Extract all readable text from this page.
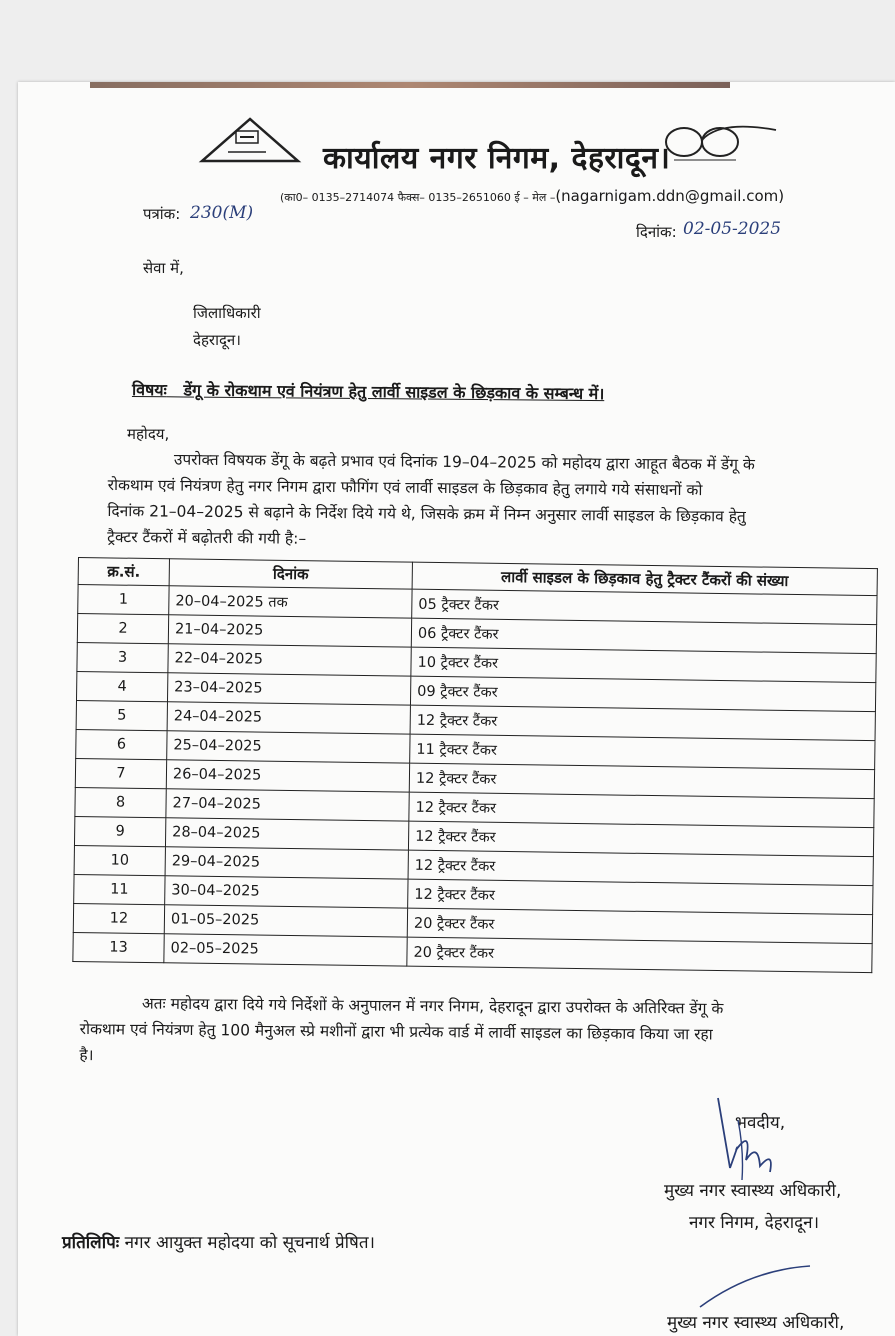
कार्यालय नगर निगम, देहरादून।
(का0– 0135–2714074 फैक्स– 0135–2651060 ई – मेल –(nagarnigam.ddn@gmail.com)
पत्रांक: 230(M)
दिनांक: 02-05-2025
सेवा में,
जिलाधिकारी
देहरादून।
विषयः डेंगू के रोकथाम एवं नियंत्रण हेतु लार्वी साइडल के छिड़काव के सम्बन्ध में।
महोदय,
उपरोक्त विषयक डेंगू के बढ़ते प्रभाव एवं दिनांक 19–04–2025 को महोदय द्वारा आहूत बैठक में डेंगू के
रोकथाम एवं नियंत्रण हेतु नगर निगम द्वारा फौगिंग एवं लार्वी साइडल के छिड़काव हेतु लगाये गये संसाधनों को
दिनांक 21–04–2025 से बढ़ाने के निर्देश दिये गये थे, जिसके क्रम में निम्न अनुसार लार्वी साइडल के छिड़काव हेतु
ट्रैक्टर टैंकरों में बढ़ोतरी की गयी है:–
क्र.सं.	दिनांक	लार्वी साइडल के छिड़काव हेतु ट्रैक्टर टैंकरों की संख्या
1	20–04–2025 तक	05 ट्रैक्टर टैंकर
2	21–04–2025	06 ट्रैक्टर टैंकर
3	22–04–2025	10 ट्रैक्टर टैंकर
4	23–04–2025	09 ट्रैक्टर टैंकर
5	24–04–2025	12 ट्रैक्टर टैंकर
6	25–04–2025	11 ट्रैक्टर टैंकर
7	26–04–2025	12 ट्रैक्टर टैंकर
8	27–04–2025	12 ट्रैक्टर टैंकर
9	28–04–2025	12 ट्रैक्टर टैंकर
10	29–04–2025	12 ट्रैक्टर टैंकर
11	30–04–2025	12 ट्रैक्टर टैंकर
12	01–05–2025	20 ट्रैक्टर टैंकर
13	02–05–2025	20 ट्रैक्टर टैंकर
अतः महोदय द्वारा दिये गये निर्देशों के अनुपालन में नगर निगम, देहरादून द्वारा उपरोक्त के अतिरिक्त डेंगू के
रोकथाम एवं नियंत्रण हेतु 100 मैनुअल स्प्रे मशीनों द्वारा भी प्रत्येक वार्ड में लार्वी साइडल का छिड़काव किया जा रहा
है।
भवदीय,
मुख्य नगर स्वास्थ्य अधिकारी,
नगर निगम, देहरादून।
प्रतिलिपिः नगर आयुक्त महोदया को सूचनार्थ प्रेषित।
मुख्य नगर स्वास्थ्य अधिकारी,
